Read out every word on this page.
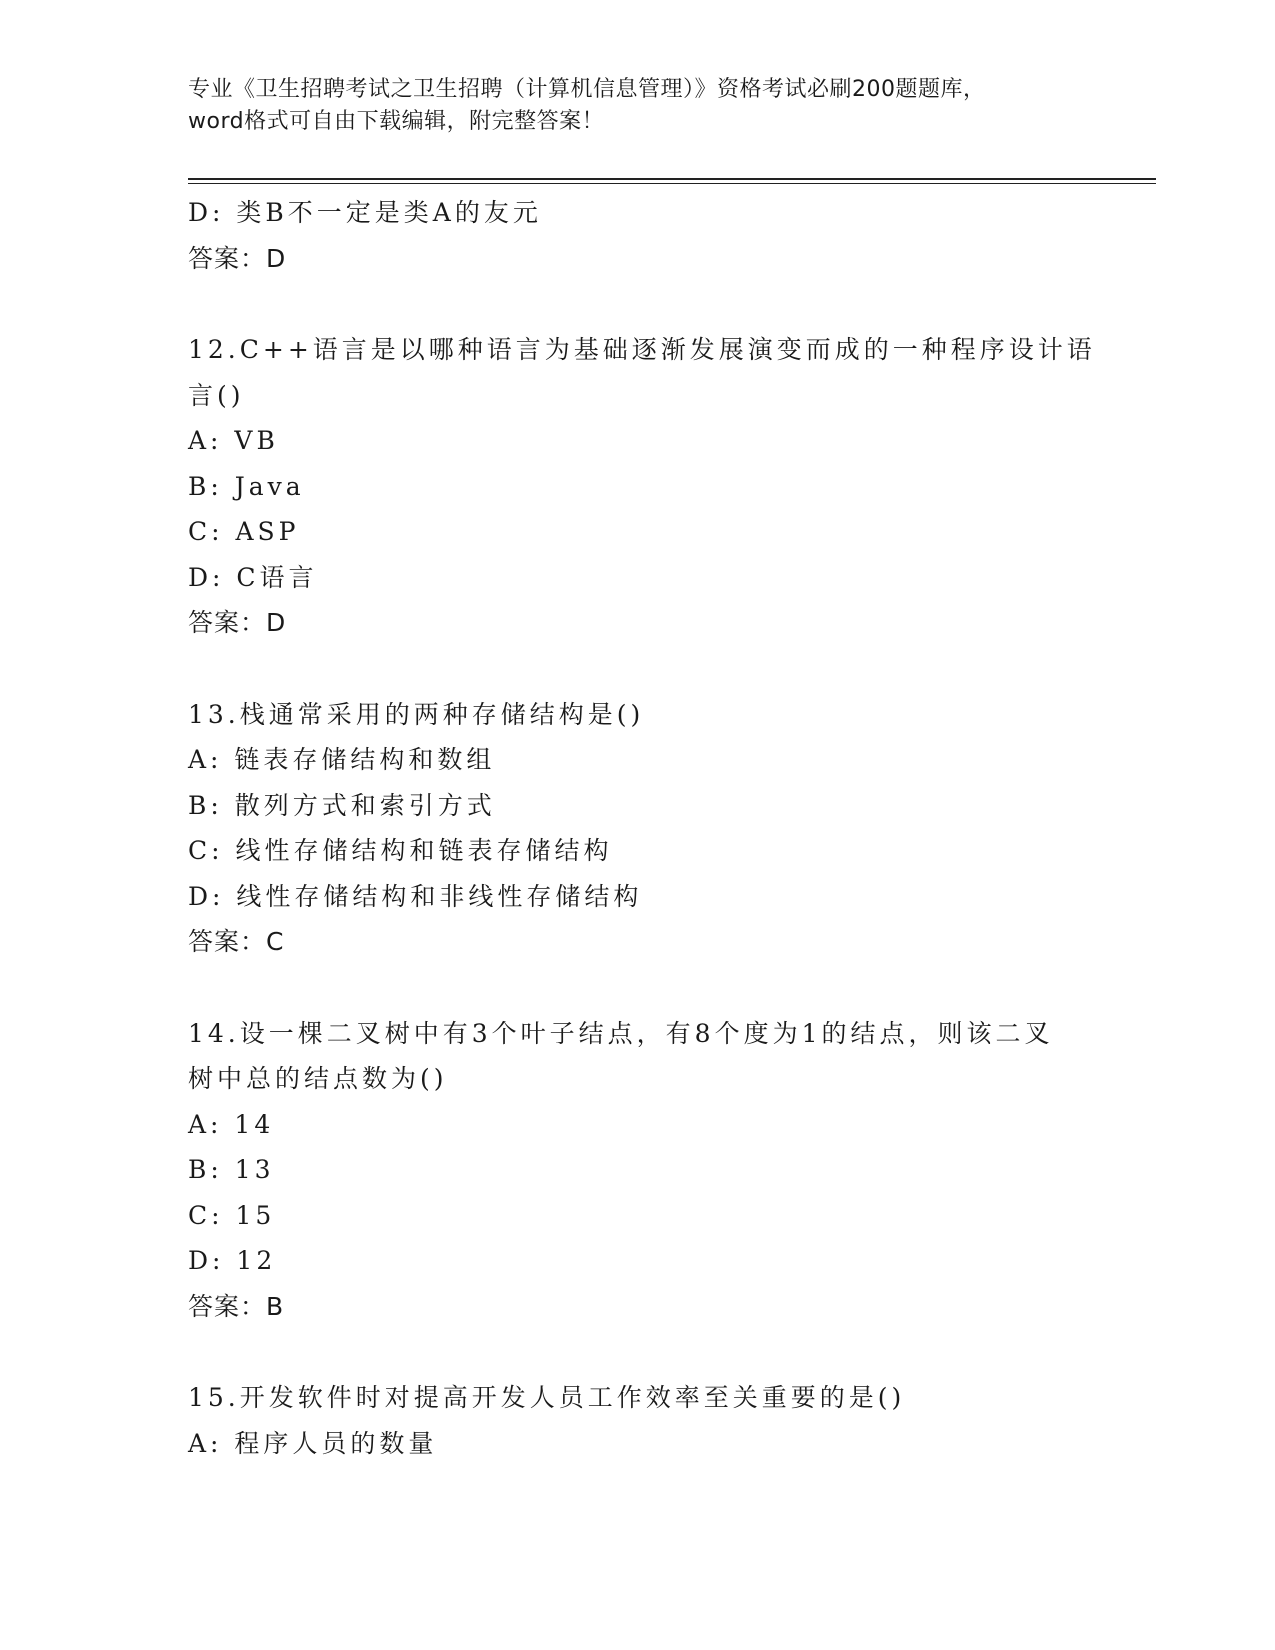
专业《卫生招聘考试之卫生招聘（计算机信息管理）》资格考试必刷200题题库，
word格式可自由下载编辑，附完整答案！
D: 类B不一定是类A的友元
答案：D
12.C++语言是以哪种语言为基础逐渐发展演变而成的一种程序设计语
言()
A: VB
B: Java
C: ASP
D: C语言
答案：D
13.栈通常采用的两种存储结构是()
A: 链表存储结构和数组
B: 散列方式和索引方式
C: 线性存储结构和链表存储结构
D: 线性存储结构和非线性存储结构
答案：C
14.设一棵二叉树中有3个叶子结点，有8个度为1的结点，则该二叉
树中总的结点数为()
A: 14
B: 13
C: 15
D: 12
答案：B
15.开发软件时对提高开发人员工作效率至关重要的是()
A: 程序人员的数量
